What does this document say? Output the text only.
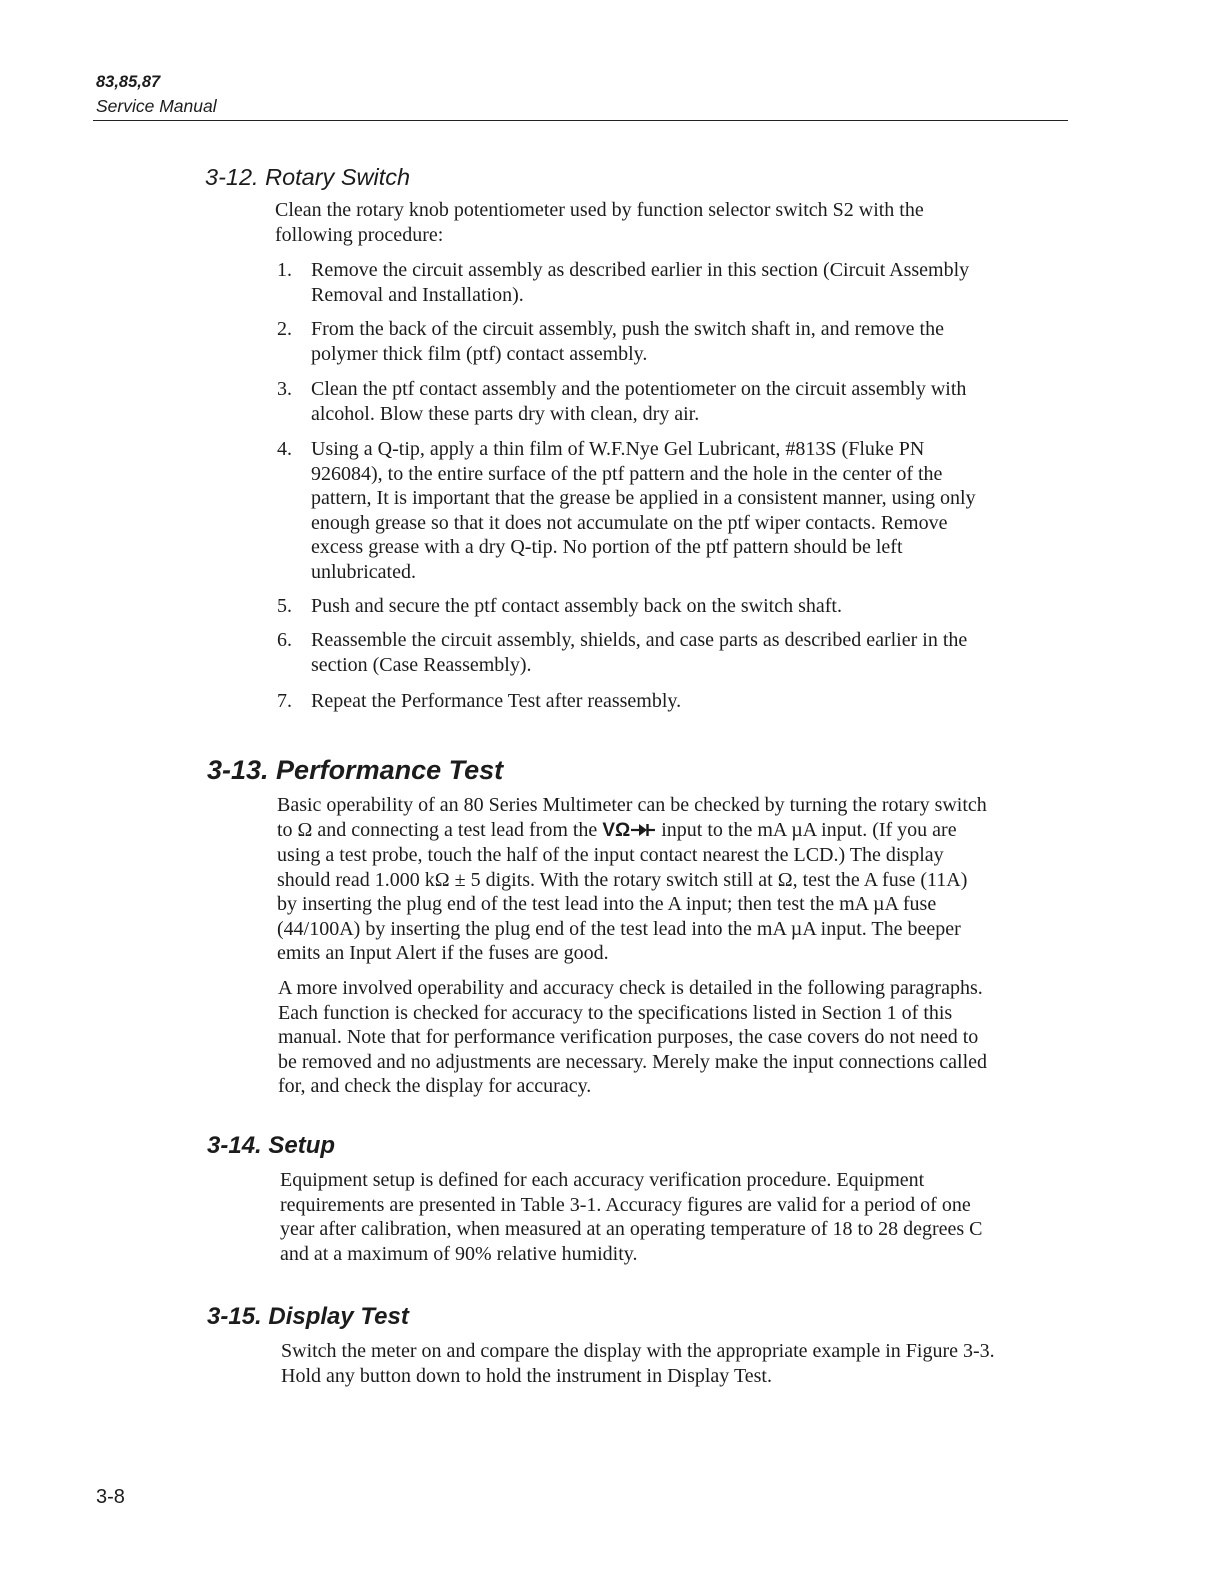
83,85,87
Service Manual
3-12. Rotary Switch
Clean the rotary knob potentiometer used by function selector switch S2 with the
following procedure:
1. Remove the circuit assembly as described earlier in this section (Circuit Assembly
Removal and Installation).
2. From the back of the circuit assembly, push the switch shaft in, and remove the
polymer thick film (ptf) contact assembly.
3. Clean the ptf contact assembly and the potentiometer on the circuit assembly with
alcohol. Blow these parts dry with clean, dry air.
4. Using a Q-tip, apply a thin film of W.F.Nye Gel Lubricant, #813S (Fluke PN
926084), to the entire surface of the ptf pattern and the hole in the center of the
pattern, It is important that the grease be applied in a consistent manner, using only
enough grease so that it does not accumulate on the ptf wiper contacts. Remove
excess grease with a dry Q-tip. No portion of the ptf pattern should be left
unlubricated.
5. Push and secure the ptf contact assembly back on the switch shaft.
6. Reassemble the circuit assembly, shields, and case parts as described earlier in the
section (Case Reassembly).
7. Repeat the Performance Test after reassembly.
3-13. Performance Test
Basic operability of an 80 Series Multimeter can be checked by turning the rotary switch
to Ω and connecting a test lead from the VΩ input to the mA µA input. (If you are
using a test probe, touch the half of the input contact nearest the LCD.) The display
should read 1.000 kΩ ± 5 digits. With the rotary switch still at Ω, test the A fuse (11A)
by inserting the plug end of the test lead into the A input; then test the mA µA fuse
(44/100A) by inserting the plug end of the test lead into the mA µA input. The beeper
emits an Input Alert if the fuses are good.
A more involved operability and accuracy check is detailed in the following paragraphs.
Each function is checked for accuracy to the specifications listed in Section 1 of this
manual. Note that for performance verification purposes, the case covers do not need to
be removed and no adjustments are necessary. Merely make the input connections called
for, and check the display for accuracy.
3-14. Setup
Equipment setup is defined for each accuracy verification procedure. Equipment
requirements are presented in Table 3-1. Accuracy figures are valid for a period of one
year after calibration, when measured at an operating temperature of 18 to 28 degrees C
and at a maximum of 90% relative humidity.
3-15. Display Test
Switch the meter on and compare the display with the appropriate example in Figure 3-3.
Hold any button down to hold the instrument in Display Test.
3-8
